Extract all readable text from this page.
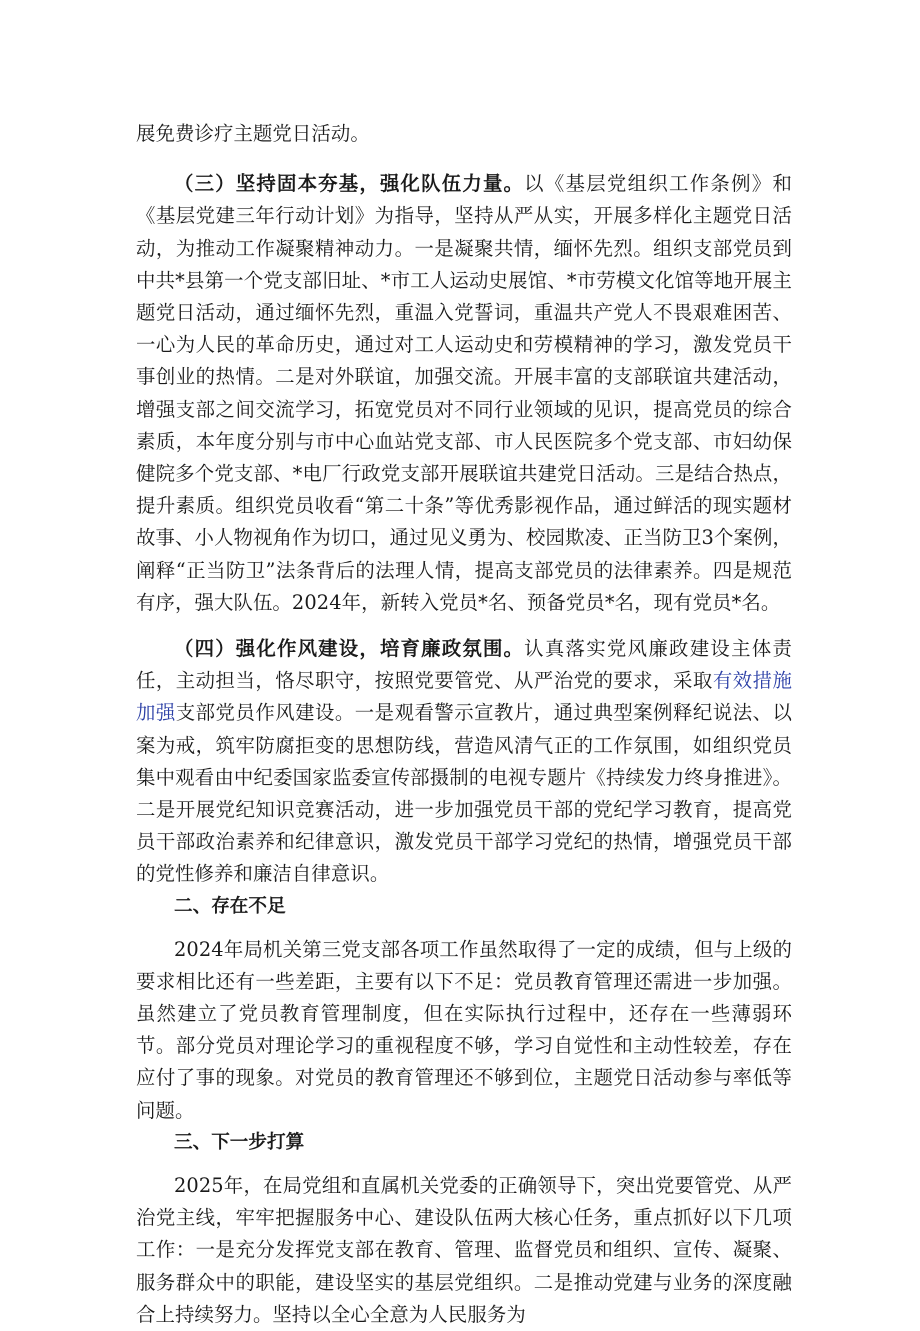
展免费诊疗主题党日活动。

（三）坚持固本夯基，强化队伍力量。以《基层党组织工作条例》和《基层党建三年行动计划》为指导，坚持从严从实，开展多样化主题党日活动，为推动工作凝聚精神动力。一是凝聚共情，缅怀先烈。组织支部党员到中共*县第一个党支部旧址、*市工人运动史展馆、*市劳模文化馆等地开展主题党日活动，通过缅怀先烈，重温入党誓词，重温共产党人不畏艰难困苦、一心为人民的革命历史，通过对工人运动史和劳模精神的学习，激发党员干事创业的热情。二是对外联谊，加强交流。开展丰富的支部联谊共建活动，增强支部之间交流学习，拓宽党员对不同行业领域的见识，提高党员的综合素质，本年度分别与市中心血站党支部、市人民医院多个党支部、市妇幼保健院多个党支部、*电厂行政党支部开展联谊共建党日活动。三是结合热点，提升素质。组织党员收看“第二十条”等优秀影视作品，通过鲜活的现实题材故事、小人物视角作为切口，通过见义勇为、校园欺凌、正当防卫3个案例，阐释“正当防卫”法条背后的法理人情，提高支部党员的法律素养。四是规范有序，强大队伍。2024年，新转入党员*名、预备党员*名，现有党员*名。

（四）强化作风建设，培育廉政氛围。认真落实党风廉政建设主体责任，主动担当，恪尽职守，按照党要管党、从严治党的要求，采取有效措施加强支部党员作风建设。一是观看警示宣教片，通过典型案例释纪说法、以案为戒，筑牢防腐拒变的思想防线，营造风清气正的工作氛围，如组织党员集中观看由中纪委国家监委宣传部摄制的电视专题片《持续发力终身推进》。二是开展党纪知识竞赛活动，进一步加强党员干部的党纪学习教育，提高党员干部政治素养和纪律意识，激发党员干部学习党纪的热情，增强党员干部的党性修养和廉洁自律意识。

二、存在不足

2024年局机关第三党支部各项工作虽然取得了一定的成绩，但与上级的要求相比还有一些差距，主要有以下不足：党员教育管理还需进一步加强。虽然建立了党员教育管理制度，但在实际执行过程中，还存在一些薄弱环节。部分党员对理论学习的重视程度不够，学习自觉性和主动性较差，存在应付了事的现象。对党员的教育管理还不够到位，主题党日活动参与率低等问题。

三、下一步打算

2025年，在局党组和直属机关党委的正确领导下，突出党要管党、从严治党主线，牢牢把握服务中心、建设队伍两大核心任务，重点抓好以下几项工作：一是充分发挥党支部在教育、管理、监督党员和组织、宣传、凝聚、服务群众中的职能，建设坚实的基层党组织。二是推动党建与业务的深度融合上持续努力。坚持以全心全意为人民服务为
